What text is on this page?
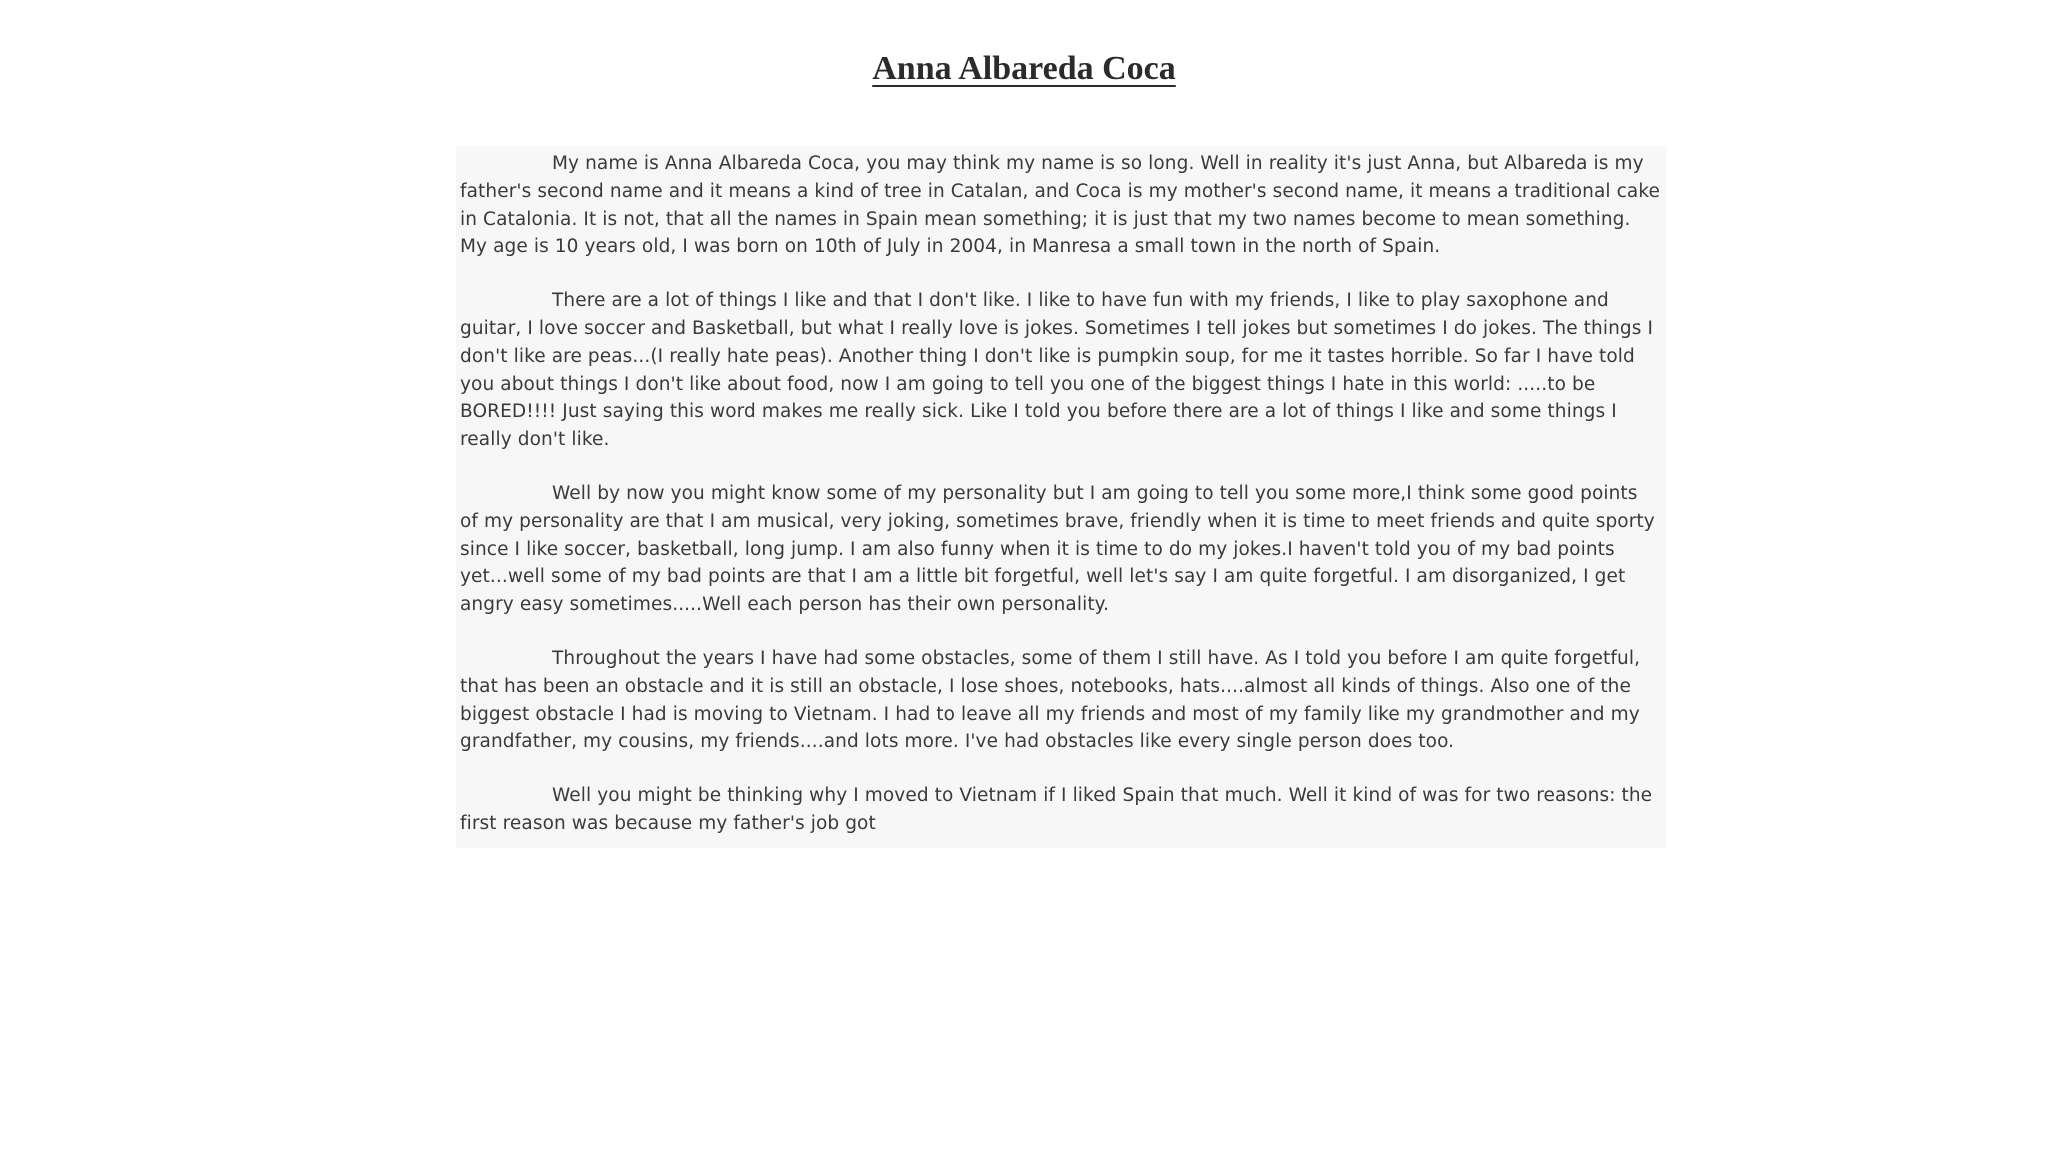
Anna Albareda Coca

My name is Anna Albareda Coca, you may think my name is so long. Well in reality it's just Anna, but Albareda is my father's second name and it means a kind of tree in Catalan, and Coca is my mother's second name, it means a traditional cake in Catalonia. It is not, that all the names in Spain mean something; it is just that my two names become to mean something. My age is 10 years old, I was born on 10th of July in 2004, in Manresa a small town in the north of Spain.

There are a lot of things I like and that I don't like. I like to have fun with my friends, I like to play saxophone and guitar, I love soccer and Basketball, but what I really love is jokes. Sometimes I tell jokes but sometimes I do jokes. The things I don't like are peas...(I really hate peas). Another thing I don't like is pumpkin soup, for me it tastes horrible. So far I have told you about things I don't like about food, now I am going to tell you one of the biggest things I hate in this world: .....to be BORED!!!! Just saying this word makes me really sick. Like I told you before there are a lot of things I like and some things I really don't like.

Well by now you might know some of my personality but I am going to tell you some more,I think some good points of my personality are that I am musical, very joking, sometimes brave, friendly when it is time to meet friends and quite sporty since I like soccer, basketball, long jump. I am also funny when it is time to do my jokes.I haven't told you of my bad points yet...well some of my bad points are that I am a little bit forgetful, well let's say I am quite forgetful. I am disorganized, I get angry easy sometimes.....Well each person has their own personality.

Throughout the years I have had some obstacles, some of them I still have. As I told you before I am quite forgetful, that has been an obstacle and it is still an obstacle, I lose shoes, notebooks, hats....almost all kinds of things. Also one of the biggest obstacle I had is moving to Vietnam. I had to leave all my friends and most of my family like my grandmother and my grandfather, my cousins, my friends....and lots more. I've had obstacles like every single person does too.

Well you might be thinking why I moved to Vietnam if I liked Spain that much. Well it kind of was for two reasons: the first reason was because my father's job got
